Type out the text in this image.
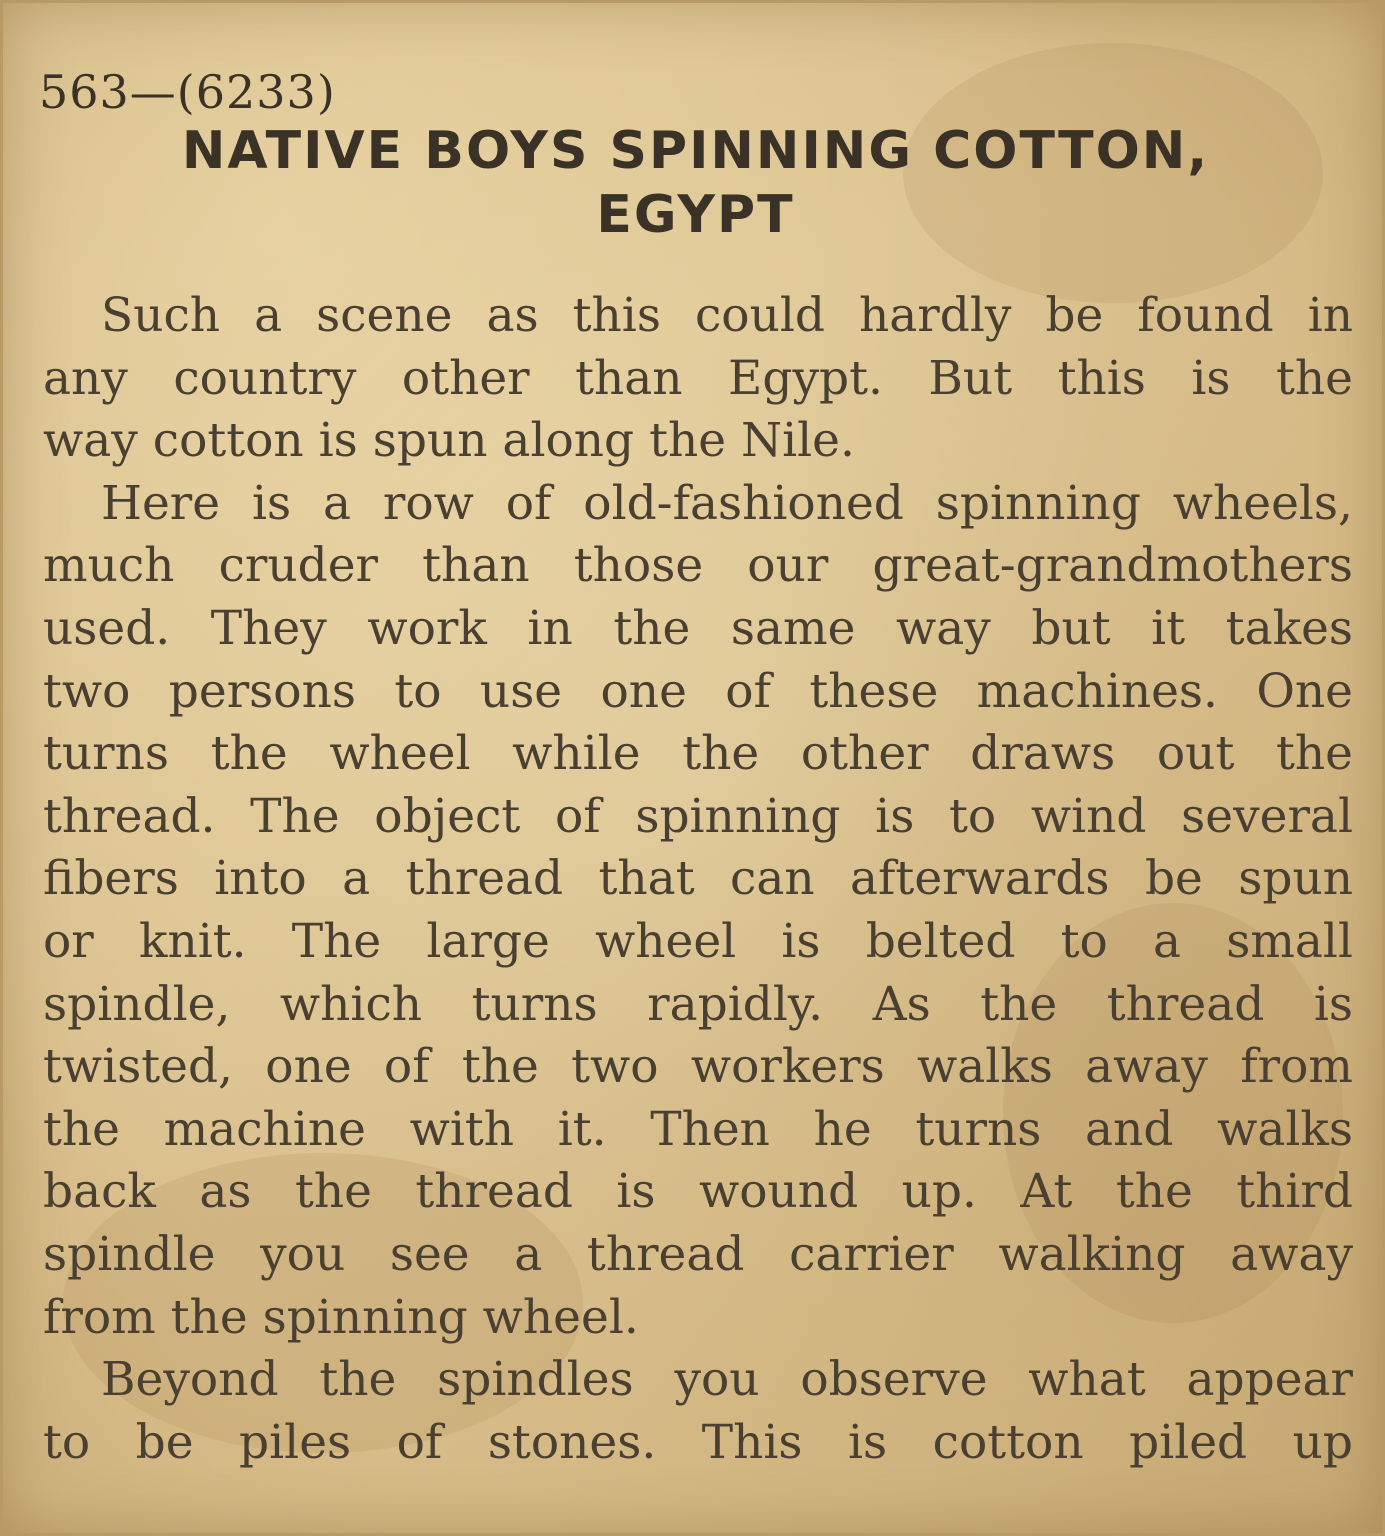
563—(6233)
NATIVE BOYS SPINNING COTTON,
EGYPT
Such a scene as this could hardly be found in
any country other than Egypt. But this is the
way cotton is spun along the Nile.
Here is a row of old-fashioned spinning wheels,
much cruder than those our great-grandmothers
used. They work in the same way but it takes
two persons to use one of these machines. One
turns the wheel while the other draws out the
thread. The object of spinning is to wind several
fibers into a thread that can afterwards be spun
or knit. The large wheel is belted to a small
spindle, which turns rapidly. As the thread is
twisted, one of the two workers walks away from
the machine with it. Then he turns and walks
back as the thread is wound up. At the third
spindle you see a thread carrier walking away
from the spinning wheel.
Beyond the spindles you observe what appear
to be piles of stones. This is cotton piled up
